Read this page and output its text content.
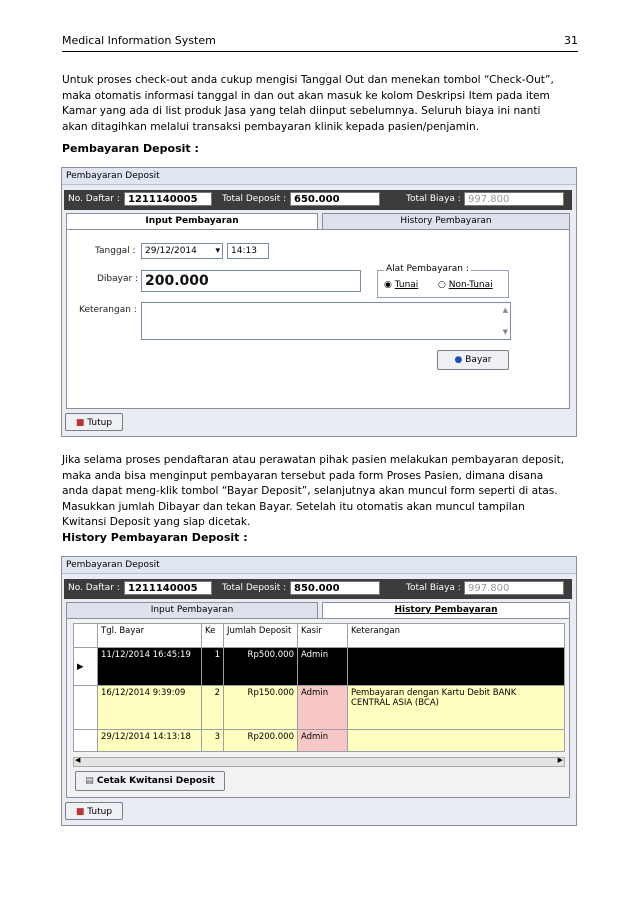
Medical Information System	31

Untuk proses check-out anda cukup mengisi Tanggal Out dan menekan tombol “Check-Out”,

maka otomatis informasi tanggal in dan out akan masuk ke kolom Deskripsi Item pada item

Kamar yang ada di list produk Jasa yang telah diinput sebelumnya. Seluruh biaya ini nanti

akan ditagihkan melalui transaksi pembayaran klinik kepada pasien/penjamin.

Pembayaran Deposit :
Pembayaran Deposit
No. Daftar : 1211140005	Total Deposit : 650.000	Total Biaya : 997.800
Input Pembayaran	History Pembayaran
Tanggal :	29/12/2014 ▾	14:13
Dibayar : 200.000
Alat Pembayaran :
◉ Tunai ○ Non-Tunai
Keterangan :	▲
▼
● Bayar
■ Tutup

Jika selama proses pendaftaran atau perawatan pihak pasien melakukan pembayaran deposit,

maka anda bisa menginput pembayaran tersebut pada form Proses Pasien, dimana disana

anda dapat meng-klik tombol “Bayar Deposit”, selanjutnya akan muncul form seperti di atas.

Masukkan jumlah Dibayar dan tekan Bayar. Setelah itu otomatis akan muncul tampilan

Kwitansi Deposit yang siap dicetak.

History Pembayaran Deposit :
Pembayaran Deposit
No. Daftar : 1211140005	Total Deposit : 850.000	Total Biaya : 997.800
Input Pembayaran	History Pembayaran
	Tgl. Bayar	Ke	Jumlah Deposit	Kasir	Keterangan
▶	11/12/2014 16:45:19	1	Rp500.000	Admin	
	16/12/2014 9:39:09	2	Rp150.000	Admin	Pembayaran dengan Kartu Debit BANK
CENTRAL ASIA (BCA)

	29/12/2014 14:13:18	3	Rp200.000	Admin	
◀	▶
▤ Cetak Kwitansi Deposit
■ Tutup
